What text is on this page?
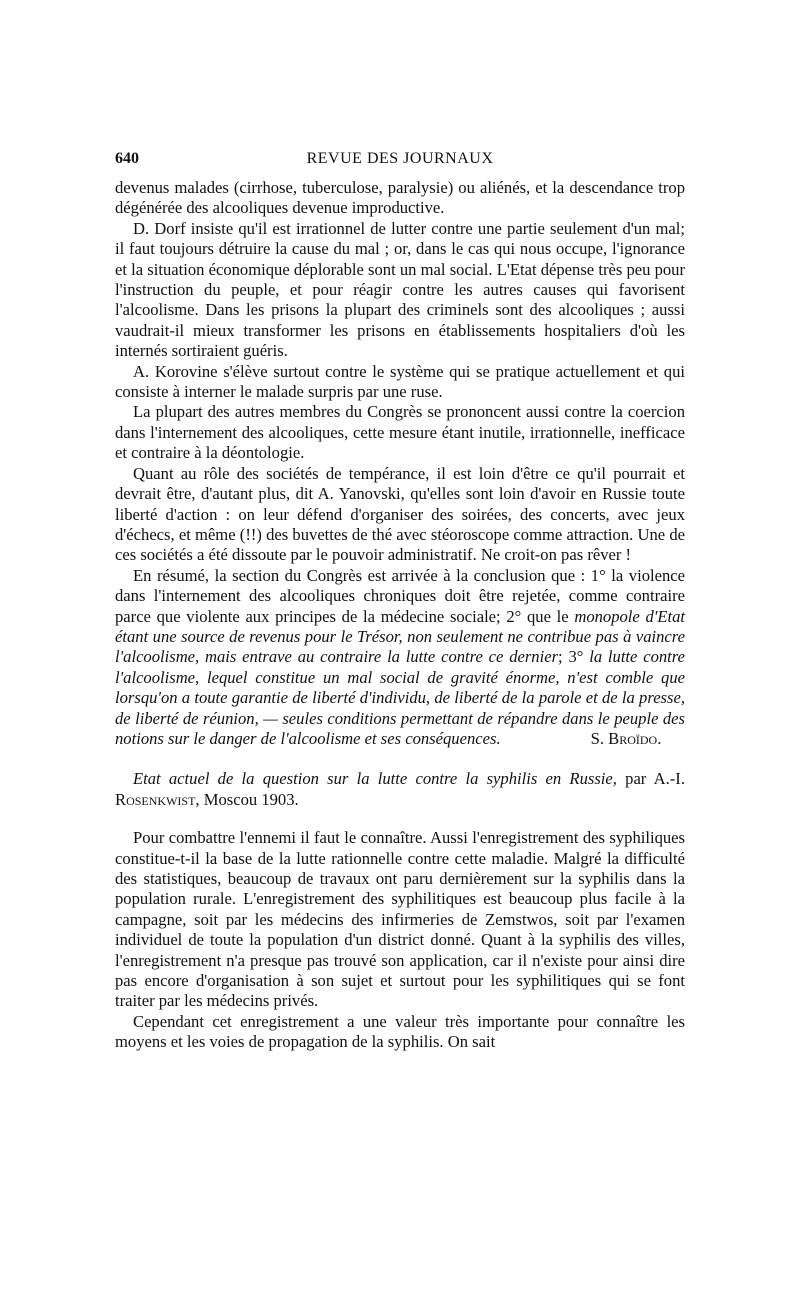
640	REVUE DES JOURNAUX

devenus malades (cirrhose, tuberculose, paralysie) ou aliénés, et la descendance trop dégénérée des alcooliques devenue improductive.

D. Dorf insiste qu'il est irrationnel de lutter contre une partie seulement d'un mal; il faut toujours détruire la cause du mal ; or, dans le cas qui nous occupe, l'ignorance et la situation économique déplorable sont un mal social. L'Etat dépense très peu pour l'instruction du peuple, et pour réagir contre les autres causes qui favorisent l'alcoolisme. Dans les prisons la plupart des criminels sont des alcooliques ; aussi vaudrait-il mieux transformer les prisons en établissements hospitaliers d'où les internés sortiraient guéris.

A. Korovine s'élève surtout contre le système qui se pratique actuellement et qui consiste à interner le malade surpris par une ruse.

La plupart des autres membres du Congrès se prononcent aussi contre la coercion dans l'internement des alcooliques, cette mesure étant inutile, irrationnelle, inefficace et contraire à la déontologie.

Quant au rôle des sociétés de tempérance, il est loin d'être ce qu'il pourrait et devrait être, d'autant plus, dit A. Yanovski, qu'elles sont loin d'avoir en Russie toute liberté d'action : on leur défend d'organiser des soirées, des concerts, avec jeux d'échecs, et même (!!) des buvettes de thé avec stéoroscope comme attraction. Une de ces sociétés a été dissoute par le pouvoir administratif. Ne croit-on pas rêver !

En résumé, la section du Congrès est arrivée à la conclusion que : 1° la violence dans l'internement des alcooliques chroniques doit être rejetée, comme contraire parce que violente aux principes de la médecine sociale; 2° que le monopole d'Etat étant une source de revenus pour le Trésor, non seulement ne contribue pas à vaincre l'alcoolisme, mais entrave au contraire la lutte contre ce dernier; 3° la lutte contre l'alcoolisme, lequel constitue un mal social de gravité énorme, n'est comble que lorsqu'on a toute garantie de liberté d'individu, de liberté de la parole et de la presse, de liberté de réunion, — seules conditions permettant de répandre dans le peuple des notions sur le danger de l'alcoolisme et ses conséquences.	S. Broïdo.

Etat actuel de la question sur la lutte contre la syphilis en Russie, par A.-I. Rosenkwist, Moscou 1903.

Pour combattre l'ennemi il faut le connaître. Aussi l'enregistrement des syphiliques constitue-t-il la base de la lutte rationnelle contre cette maladie. Malgré la difficulté des statistiques, beaucoup de travaux ont paru dernièrement sur la syphilis dans la population rurale. L'enregistrement des syphilitiques est beaucoup plus facile à la campagne, soit par les médecins des infirmeries de Zemstwos, soit par l'examen individuel de toute la population d'un district donné. Quant à la syphilis des villes, l'enregistrement n'a presque pas trouvé son application, car il n'existe pour ainsi dire pas encore d'organisation à son sujet et surtout pour les syphilitiques qui se font traiter par les médecins privés.

Cependant cet enregistrement a une valeur très importante pour connaître les moyens et les voies de propagation de la syphilis. On sait
